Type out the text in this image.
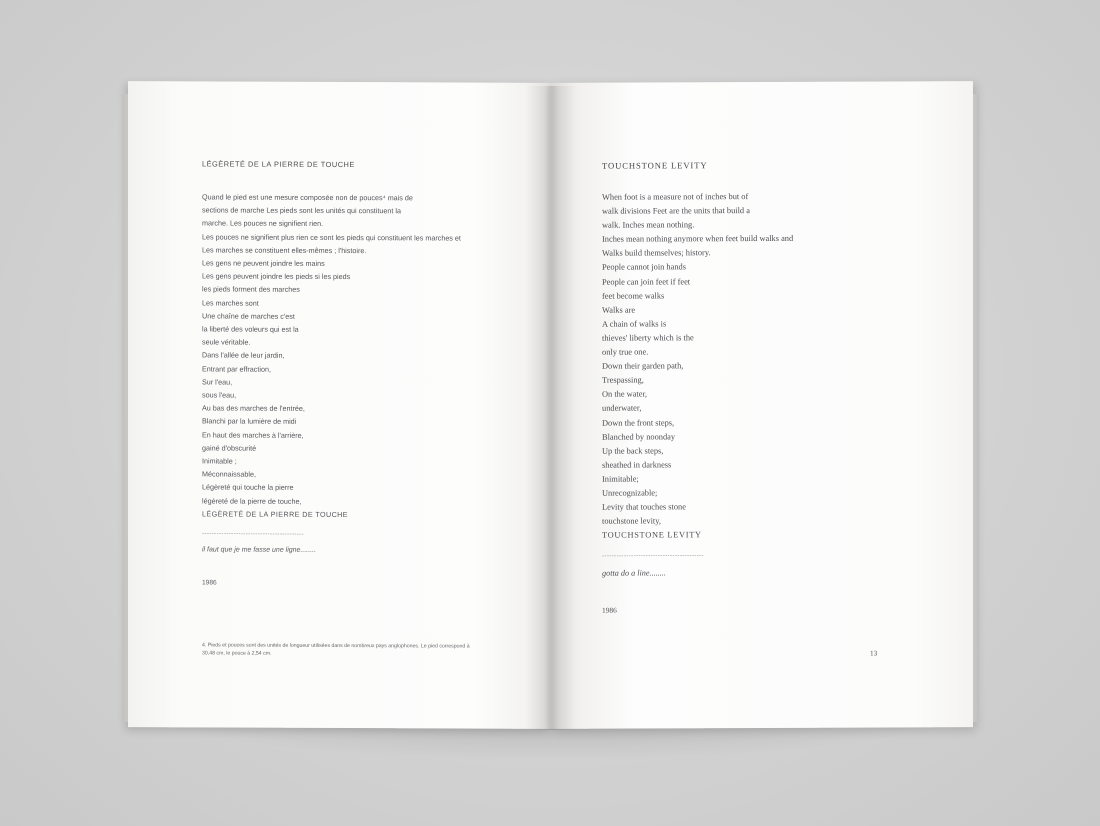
LÉGÈRETÉ DE LA PIERRE DE TOUCHE
Quand le pied est une mesure composée non de pouces⁴ mais de
sections de marche Les pieds sont les unités qui constituent la
marche. Les pouces ne signifient rien.
Les pouces ne signifient plus rien ce sont les pieds qui constituent les marches et
Les marches se constituent elles-mêmes ; l'histoire.
Les gens ne peuvent joindre les mains
Les gens peuvent joindre les pieds si les pieds
les pieds forment des marches
Les marches sont
Une chaîne de marches c'est
la liberté des voleurs qui est la
seule véritable.
Dans l'allée de leur jardin,
Entrant par effraction,
Sur l'eau,
sous l'eau,
Au bas des marches de l'entrée,
Blanchi par la lumière de midi
En haut des marches à l'arrière,
gainé d'obscurité
Inimitable ;
Méconnaissable,
Légèreté qui touche la pierre
légèreté de la pierre de touche,
LÉGÈRETÉ DE LA PIERRE DE TOUCHE
------------------------------------------
il faut que je me fasse une ligne........
1986
4. Pieds et pouces sont des unités de longueur utilisées dans de nombreux pays anglophones. Le pied correspond à 30,48 cm, le pouce à 2,54 cm.
TOUCHSTONE LEVITY
When foot is a measure not of inches but of
walk divisions Feet are the units that build a
walk. Inches mean nothing.
Inches mean nothing anymore when feet build walks and
Walks build themselves; history.
People cannot join hands
People can join feet if feet
feet become walks
Walks are
A chain of walks is
thieves' liberty which is the
only true one.
Down their garden path,
Trespassing,
On the water,
underwater,
Down the front steps,
Blanched by noonday
Up the back steps,
sheathed in darkness
Inimitable;
Unrecognizable;
Levity that touches stone
touchstone levity,
TOUCHSTONE LEVITY
------------------------------------------
gotta do a line........
1986
13
